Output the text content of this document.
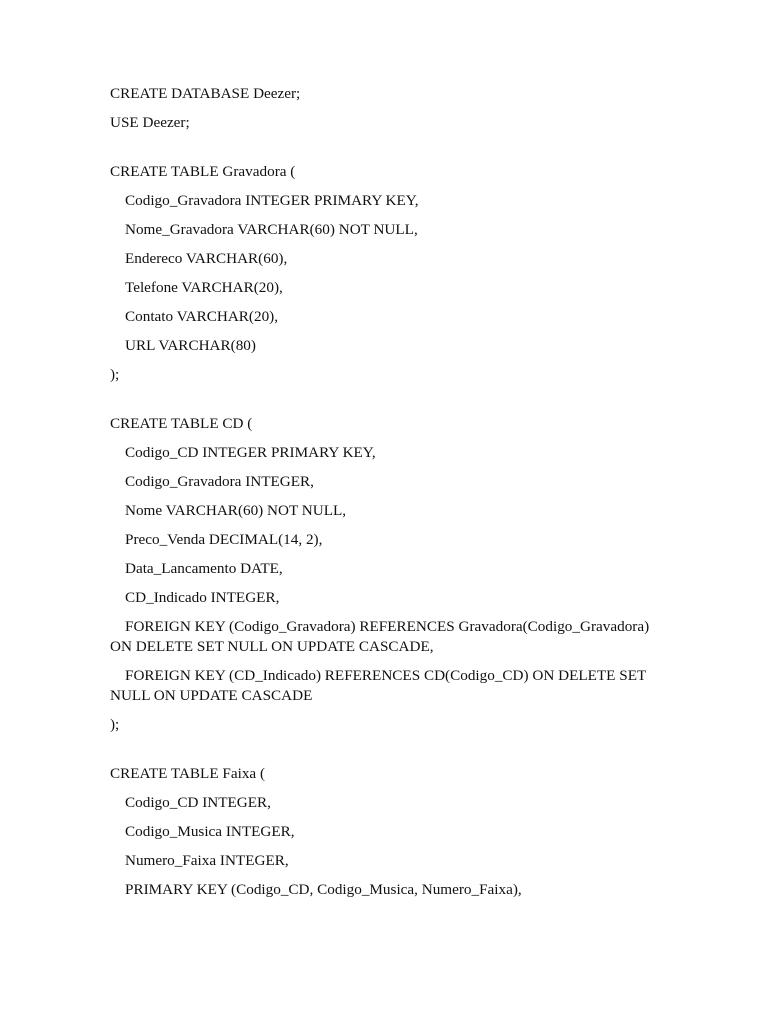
CREATE DATABASE Deezer;
USE Deezer;
CREATE TABLE Gravadora (
Codigo_Gravadora INTEGER PRIMARY KEY,
Nome_Gravadora VARCHAR(60) NOT NULL,
Endereco VARCHAR(60),
Telefone VARCHAR(20),
Contato VARCHAR(20),
URL VARCHAR(80)
);
CREATE TABLE CD (
Codigo_CD INTEGER PRIMARY KEY,
Codigo_Gravadora INTEGER,
Nome VARCHAR(60) NOT NULL,
Preco_Venda DECIMAL(14, 2),
Data_Lancamento DATE,
CD_Indicado INTEGER,
FOREIGN KEY (Codigo_Gravadora) REFERENCES Gravadora(Codigo_Gravadora) ON DELETE SET NULL ON UPDATE CASCADE,
FOREIGN KEY (CD_Indicado) REFERENCES CD(Codigo_CD) ON DELETE SET NULL ON UPDATE CASCADE
);
CREATE TABLE Faixa (
Codigo_CD INTEGER,
Codigo_Musica INTEGER,
Numero_Faixa INTEGER,
PRIMARY KEY (Codigo_CD, Codigo_Musica, Numero_Faixa),
